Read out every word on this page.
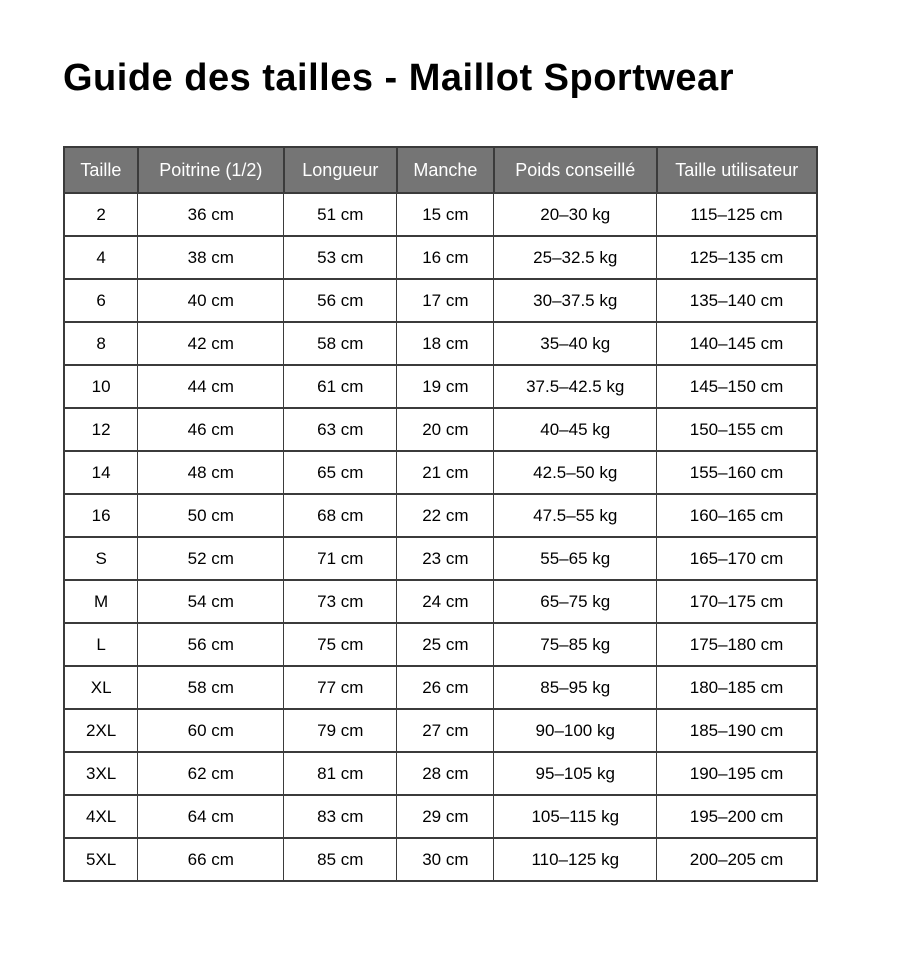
Guide des tailles - Maillot Sportwear
Taille	Poitrine (1/2)	Longueur	Manche	Poids conseillé	Taille utilisateur
2	36 cm	51 cm	15 cm	20–30 kg	115–125 cm
4	38 cm	53 cm	16 cm	25–32.5 kg	125–135 cm
6	40 cm	56 cm	17 cm	30–37.5 kg	135–140 cm
8	42 cm	58 cm	18 cm	35–40 kg	140–145 cm
10	44 cm	61 cm	19 cm	37.5–42.5 kg	145–150 cm
12	46 cm	63 cm	20 cm	40–45 kg	150–155 cm
14	48 cm	65 cm	21 cm	42.5–50 kg	155–160 cm
16	50 cm	68 cm	22 cm	47.5–55 kg	160–165 cm
S	52 cm	71 cm	23 cm	55–65 kg	165–170 cm
M	54 cm	73 cm	24 cm	65–75 kg	170–175 cm
L	56 cm	75 cm	25 cm	75–85 kg	175–180 cm
XL	58 cm	77 cm	26 cm	85–95 kg	180–185 cm
2XL	60 cm	79 cm	27 cm	90–100 kg	185–190 cm
3XL	62 cm	81 cm	28 cm	95–105 kg	190–195 cm
4XL	64 cm	83 cm	29 cm	105–115 kg	195–200 cm
5XL	66 cm	85 cm	30 cm	110–125 kg	200–205 cm
